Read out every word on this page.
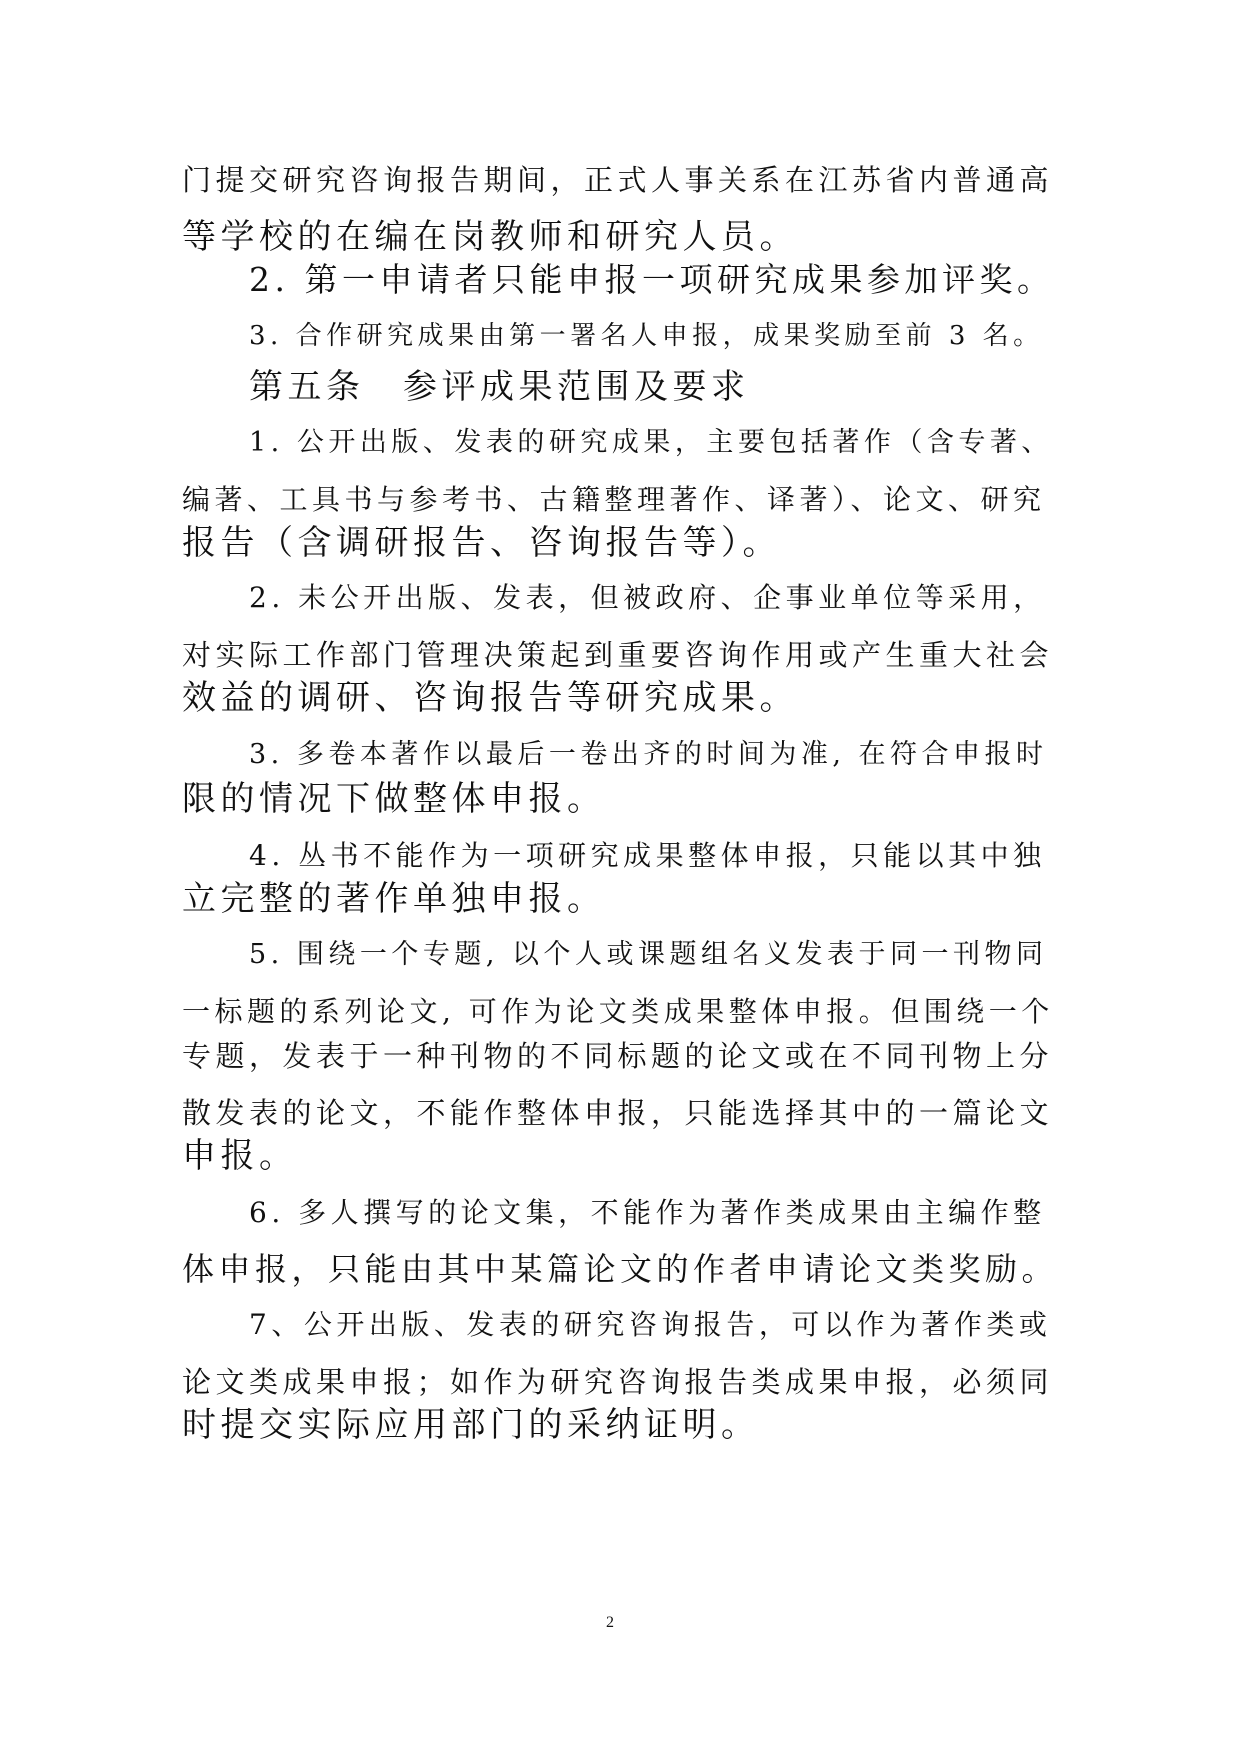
门提交研究咨询报告期间，正式人事关系在江苏省内普通高

等学校的在编在岗教师和研究人员。

2. 第一申请者只能申报一项研究成果参加评奖。

3. 合作研究成果由第一署名人申报，成果奖励至前 3 名。

第五条　参评成果范围及要求

1. 公开出版、发表的研究成果，主要包括著作（含专著、

编著、工具书与参考书、古籍整理著作、译著）、论文、研究

报告（含调研报告、咨询报告等）。

2. 未公开出版、发表，但被政府、企事业单位等采用，

对实际工作部门管理决策起到重要咨询作用或产生重大社会

效益的调研、咨询报告等研究成果。

3. 多卷本著作以最后一卷出齐的时间为准, 在符合申报时

限的情况下做整体申报。

4. 丛书不能作为一项研究成果整体申报，只能以其中独

立完整的著作单独申报。

5. 围绕一个专题, 以个人或课题组名义发表于同一刊物同

一标题的系列论文, 可作为论文类成果整体申报。但围绕一个

专题，发表于一种刊物的不同标题的论文或在不同刊物上分

散发表的论文，不能作整体申报，只能选择其中的一篇论文

申报。

6. 多人撰写的论文集，不能作为著作类成果由主编作整

体申报，只能由其中某篇论文的作者申请论文类奖励。

7、公开出版、发表的研究咨询报告，可以作为著作类或

论文类成果申报；如作为研究咨询报告类成果申报，必须同

时提交实际应用部门的采纳证明。

2
